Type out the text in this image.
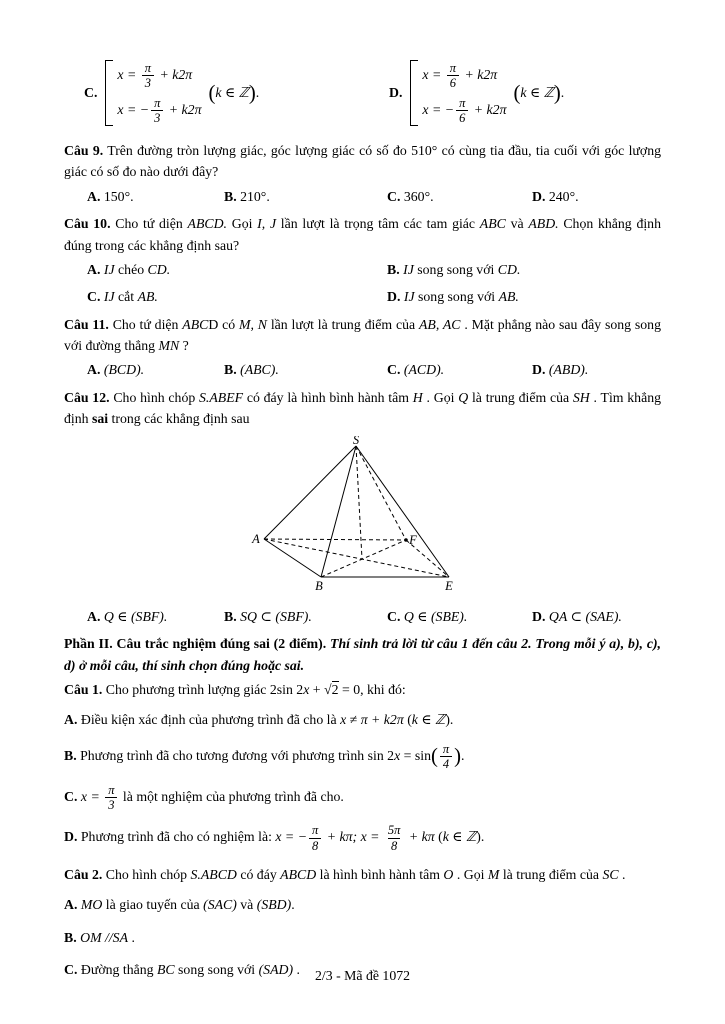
C.
$x = \frac{\pi}{3} + k2\pi$
x = − $\frac{\pi}{3} + k2\pi$
(k ∈ ℤ).	D.
$x = \frac{\pi}{6} + k2\pi$
x = − $\frac{\pi}{6} + k2\pi$
(k ∈ ℤ).

Câu 9. Trên đường tròn lượng giác, góc lượng giác có số đo 510° có cùng tia đầu, tia cuối với góc lượng giác có số đo nào dưới đây?

A. 150°.	B. 210°.	C. 360°.	D. 240°.

Câu 10. Cho tứ diện ABCD. Gọi I, J lần lượt là trọng tâm các tam giác ABC và ABD. Chọn khẳng định đúng trong các khẳng định sau?

A. IJ chéo CD.	B. IJ song song với CD.
C. IJ cắt AB.	D. IJ song song với AB.

Câu 11. Cho tứ diện ABCD có M, N lần lượt là trung điểm của AB, AC . Mặt phẳng nào sau đây song song với đường thẳng MN ?

A. (BCD).	B. (ABC).	C. (ACD).	D. (ABD).

Câu 12. Cho hình chóp S.ABEF có đáy là hình bình hành tâm H . Gọi Q là trung điểm của SH . Tìm khẳng định sai trong các khẳng định sau

S
A	F
B	E
A. Q ∈ (SBF).	B. SQ ⊂ (SBF).	C. Q ∈ (SBE).	D. QA ⊂ (SAE).

Phần II. Câu trắc nghiệm đúng sai (2 điểm). Thí sinh trả lời từ câu 1 đến câu 2. Trong mỗi ý a), b), c), d) ở mỗi câu, thí sinh chọn đúng hoặc sai.

Câu 1. Cho phương trình lượng giác 2sin 2x + √2 = 0, khi đó:

A. Điều kiện xác định của phương trình đã cho là x ≠ π + k2π (k ∈ ℤ).
B. Phương trình đã cho tương đương với phương trình $\sin 2x = \sin( \frac{\pi}{4}$ ).
C. $x = \frac{\pi}{3}$ là một nghiệm của phương trình đã cho.
D. Phương trình đã cho có nghiệm là: x = − $\frac{\pi}{8} + k\pi$; $x = \frac{5\pi}{8} + k\pi$ (k ∈ ℤ).

Câu 2. Cho hình chóp S.ABCD có đáy ABCD là hình bình hành tâm O . Gọi M là trung điểm của SC .

A. MO là giao tuyến của (SAC) và (SBD).
B. OM //SA .
C. Đường thẳng BC song song với (SAD) .	2/3 - Mã đề 1072
